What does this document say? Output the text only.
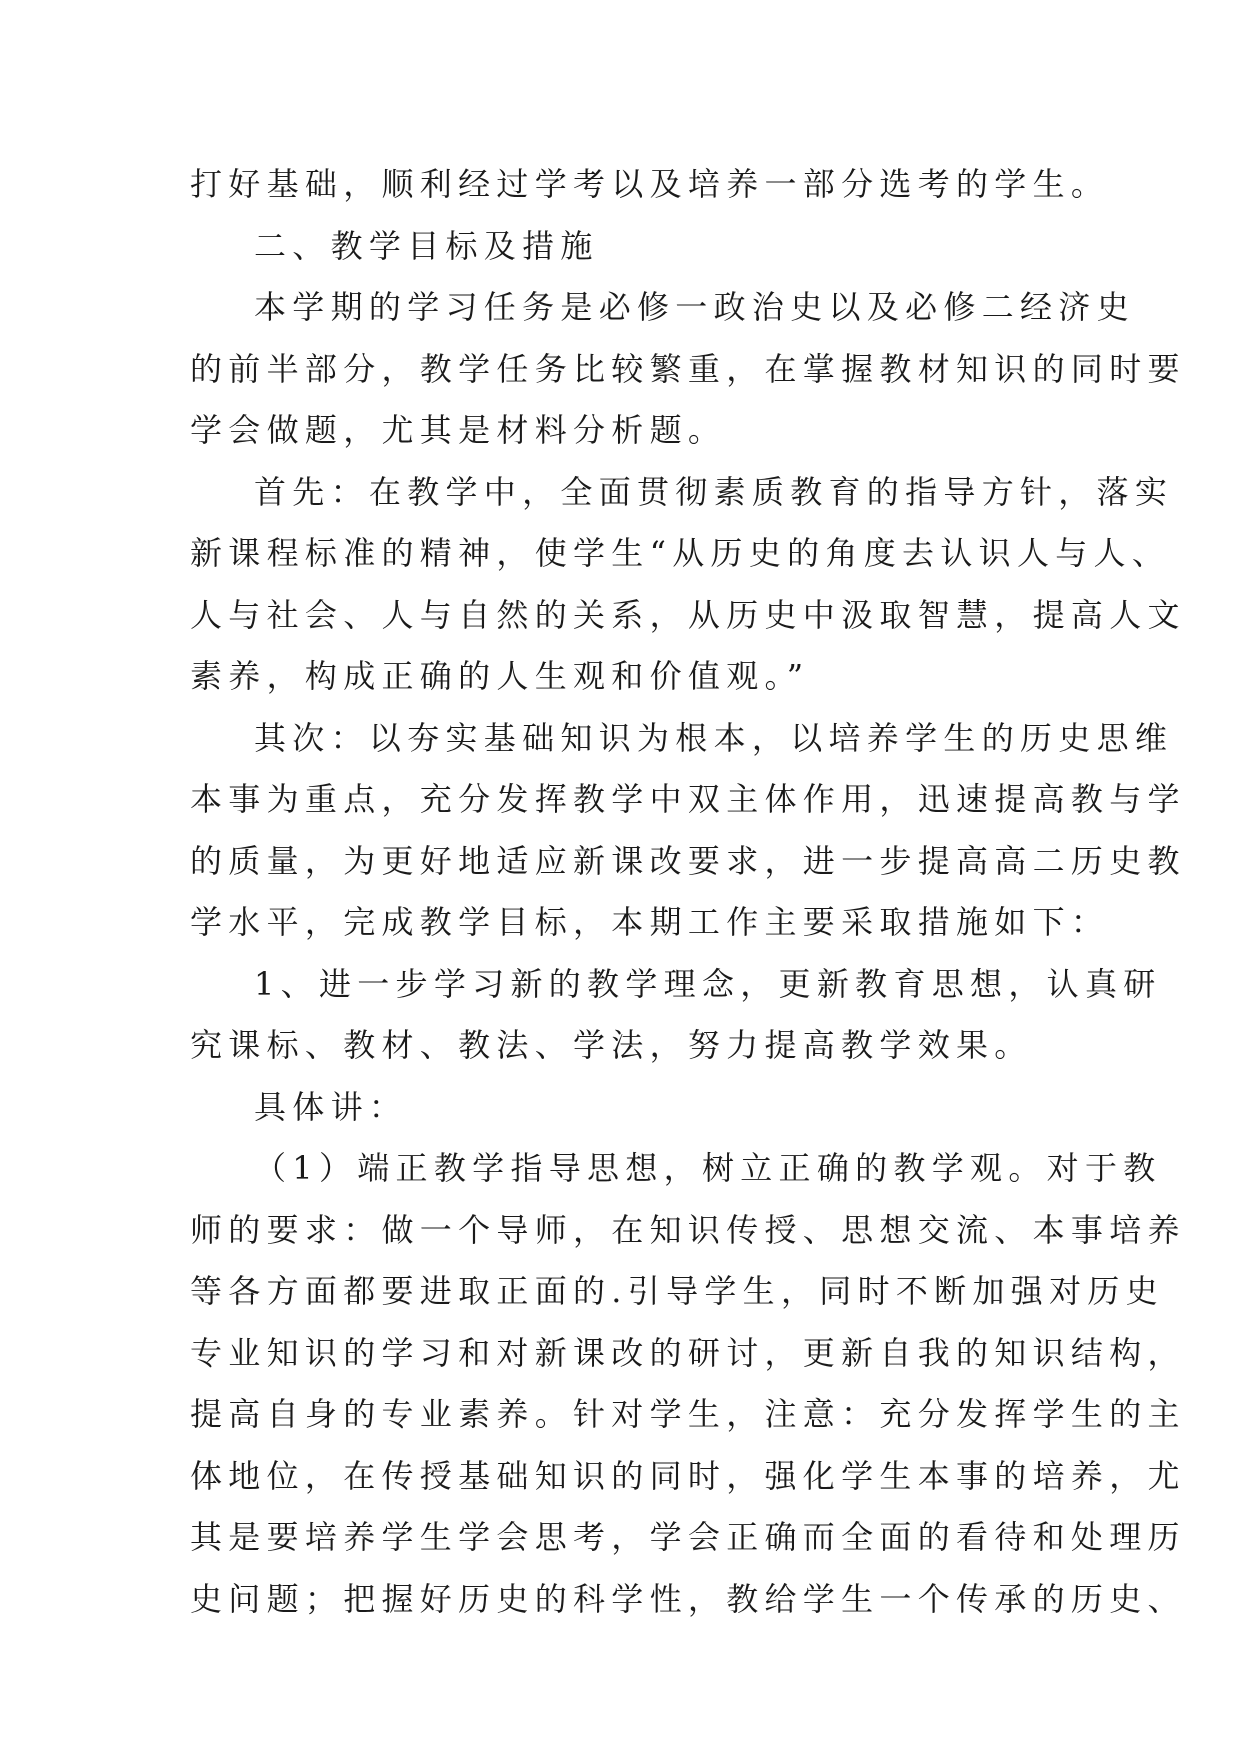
打好基础，顺利经过学考以及培养一部分选考的学生。
二、教学目标及措施
本学期的学习任务是必修一政治史以及必修二经济史
的前半部分，教学任务比较繁重，在掌握教材知识的同时要
学会做题，尤其是材料分析题。
首先：在教学中，全面贯彻素质教育的指导方针，落实
新课程标准的精神，使学生“从历史的角度去认识人与人、
人与社会、人与自然的关系，从历史中汲取智慧，提高人文
素养，构成正确的人生观和价值观。”
其次：以夯实基础知识为根本，以培养学生的历史思维
本事为重点，充分发挥教学中双主体作用，迅速提高教与学
的质量，为更好地适应新课改要求，进一步提高高二历史教
学水平，完成教学目标，本期工作主要采取措施如下：
1、进一步学习新的教学理念，更新教育思想，认真研
究课标、教材、教法、学法，努力提高教学效果。
具体讲：
（1）端正教学指导思想，树立正确的教学观。对于教
师的要求：做一个导师，在知识传授、思想交流、本事培养
等各方面都要进取正面的.引导学生，同时不断加强对历史
专业知识的学习和对新课改的研讨，更新自我的知识结构，
提高自身的专业素养。针对学生，注意：充分发挥学生的主
体地位，在传授基础知识的同时，强化学生本事的培养，尤
其是要培养学生学会思考，学会正确而全面的看待和处理历
史问题；把握好历史的科学性，教给学生一个传承的历史、
